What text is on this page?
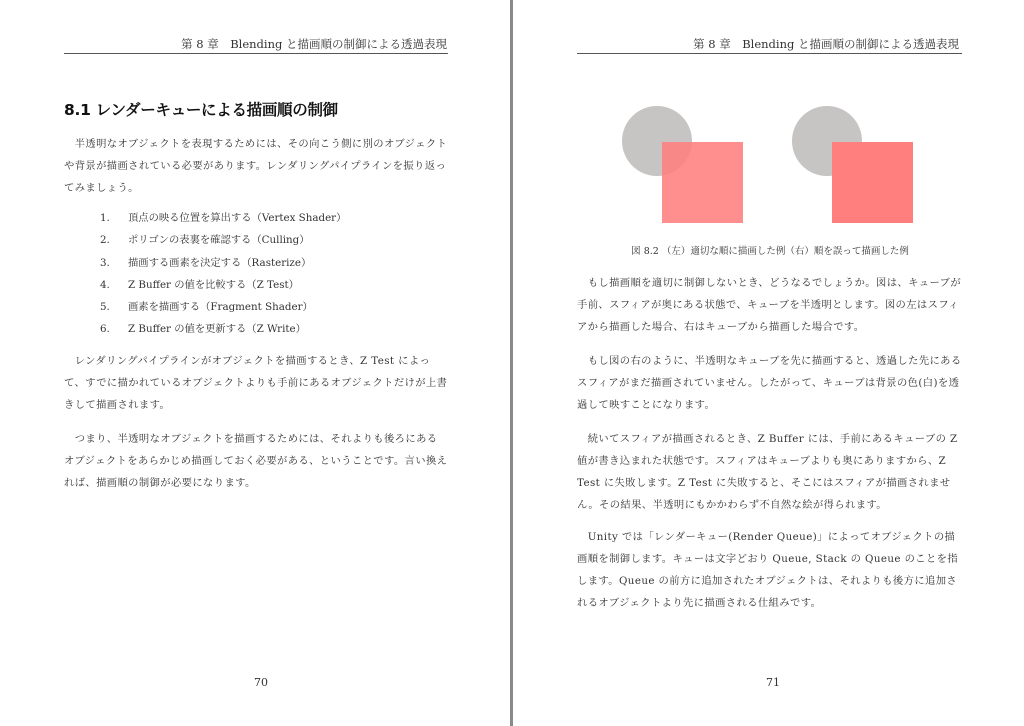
第 8 章　Blending と描画順の制御による透過表現
8.1 レンダーキューによる描画順の制御

　半透明なオブジェクトを表現するためには、その向こう側に別のオブジェクトや背景が描画されている必要があります。レンダリングパイプラインを振り返ってみましょう。

1. 頂点の映る位置を算出する（Vertex Shader）
2. ポリゴンの表裏を確認する（Culling）
3. 描画する画素を決定する（Rasterize）
4. Z Buffer の値を比較する（Z Test）
5. 画素を描画する（Fragment Shader）
6. Z Buffer の値を更新する（Z Write）

　レンダリングパイプラインがオブジェクトを描画するとき、Z Test によって、すでに描かれているオブジェクトよりも手前にあるオブジェクトだけが上書きして描画されます。

　つまり、半透明なオブジェクトを描画するためには、それよりも後ろにあるオブジェクトをあらかじめ描画しておく必要がある、ということです。言い換えれば、描画順の制御が必要になります。

70
第 8 章　Blending と描画順の制御による透過表現
図 8.2 （左）適切な順に描画した例（右）順を誤って描画した例

　もし描画順を適切に制御しないとき、どうなるでしょうか。図は、キューブが手前、スフィアが奥にある状態で、キューブを半透明とします。図の左はスフィアから描画した場合、右はキューブから描画した場合です。

　もし図の右のように、半透明なキューブを先に描画すると、透過した先にあるスフィアがまだ描画されていません。したがって、キューブは背景の色(白)を透過して映すことになります。

　続いてスフィアが描画されるとき、Z Buffer には、手前にあるキューブの Z 値が書き込まれた状態です。スフィアはキューブよりも奥にありますから、Z Test に失敗します。Z Test に失敗すると、そこにはスフィアが描画されません。その結果、半透明にもかかわらず不自然な絵が得られます。

　Unity では「レンダーキュー(Render Queue)」によってオブジェクトの描画順を制御します。キューは文字どおり Queue, Stack の Queue のことを指します。Queue の前方に追加されたオブジェクトは、それよりも後方に追加されるオブジェクトより先に描画される仕組みです。

71
